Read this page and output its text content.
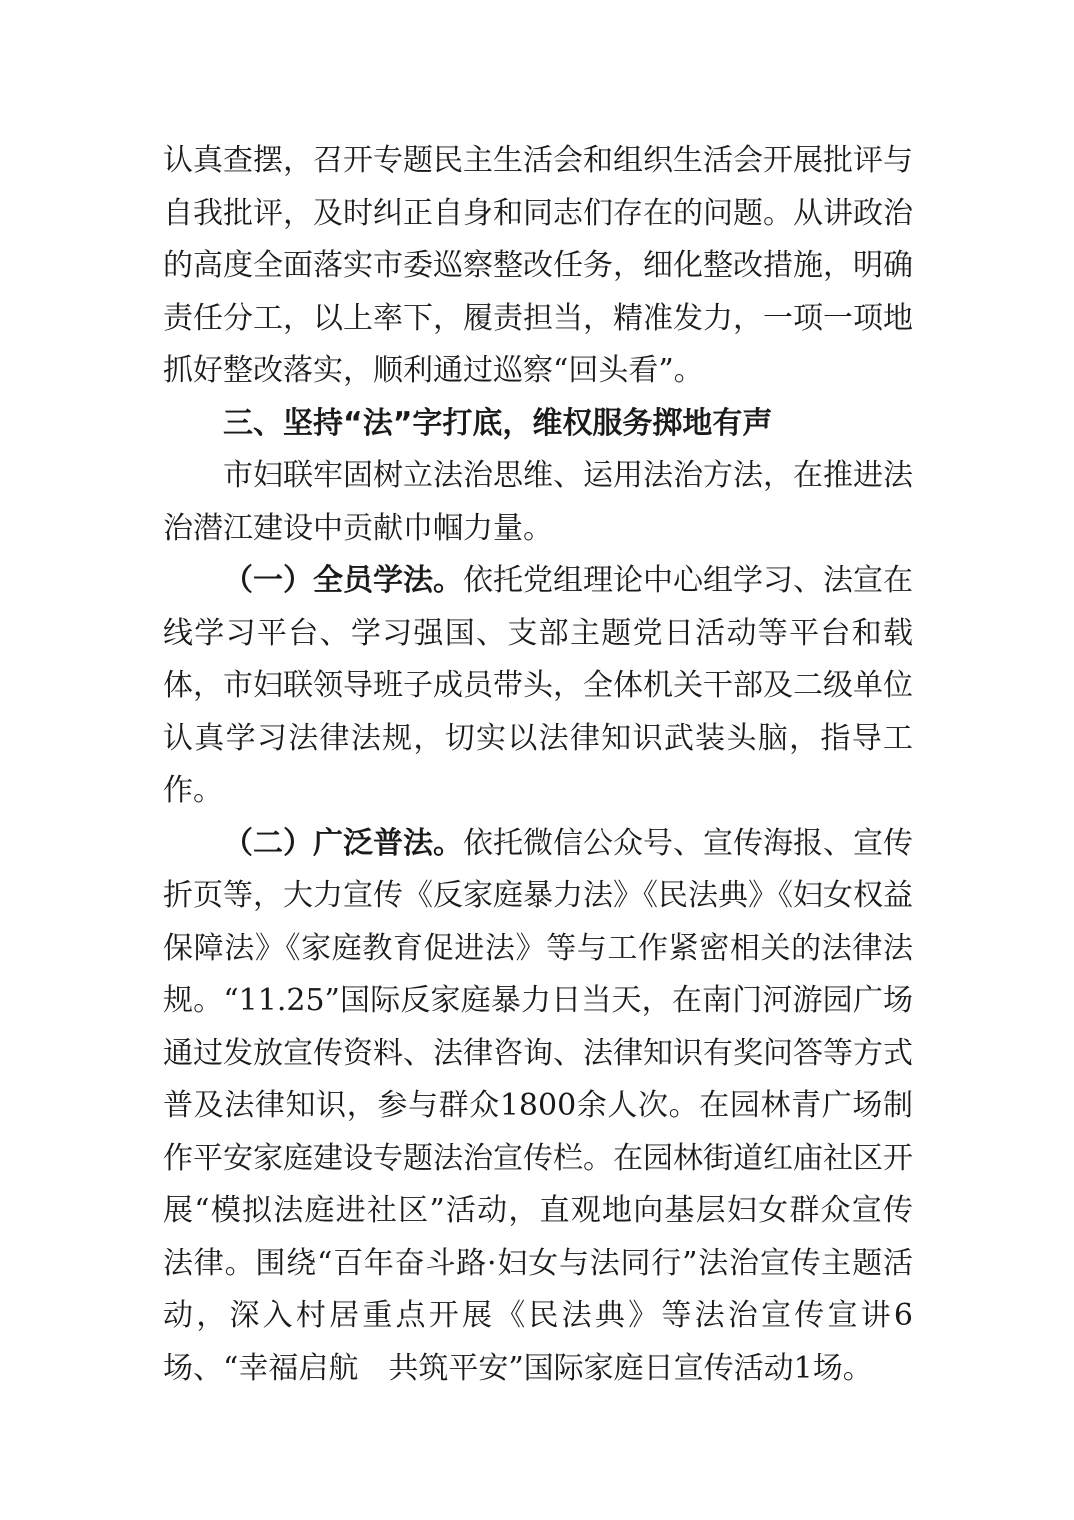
认真查摆，召开专题民主生活会和组织生活会开展批评与自我批评，及时纠正自身和同志们存在的问题。从讲政治的高度全面落实市委巡察整改任务，细化整改措施，明确责任分工，以上率下，履责担当，精准发力，一项一项地抓好整改落实，顺利通过巡察“回头看”。

三、坚持“法”字打底，维权服务掷地有声

市妇联牢固树立法治思维、运用法治方法，在推进法治潜江建设中贡献巾帼力量。

（一）全员学法。依托党组理论中心组学习、法宣在线学习平台、学习强国、支部主题党日活动等平台和载体，市妇联领导班子成员带头，全体机关干部及二级单位认真学习法律法规，切实以法律知识武装头脑，指导工作。

（二）广泛普法。依托微信公众号、宣传海报、宣传折页等，大力宣传《反家庭暴力法》《民法典》《妇女权益保障法》《家庭教育促进法》等与工作紧密相关的法律法规。“11.25”国际反家庭暴力日当天，在南门河游园广场通过发放宣传资料、法律咨询、法律知识有奖问答等方式普及法律知识，参与群众1800余人次。在园林青广场制作平安家庭建设专题法治宣传栏。在园林街道红庙社区开展“模拟法庭进社区”活动，直观地向基层妇女群众宣传法律。围绕“百年奋斗路·妇女与法同行”法治宣传主题活动，深入村居重点开展《民法典》等法治宣传宣讲6场、“幸福启航　共筑平安”国际家庭日宣传活动1场。
